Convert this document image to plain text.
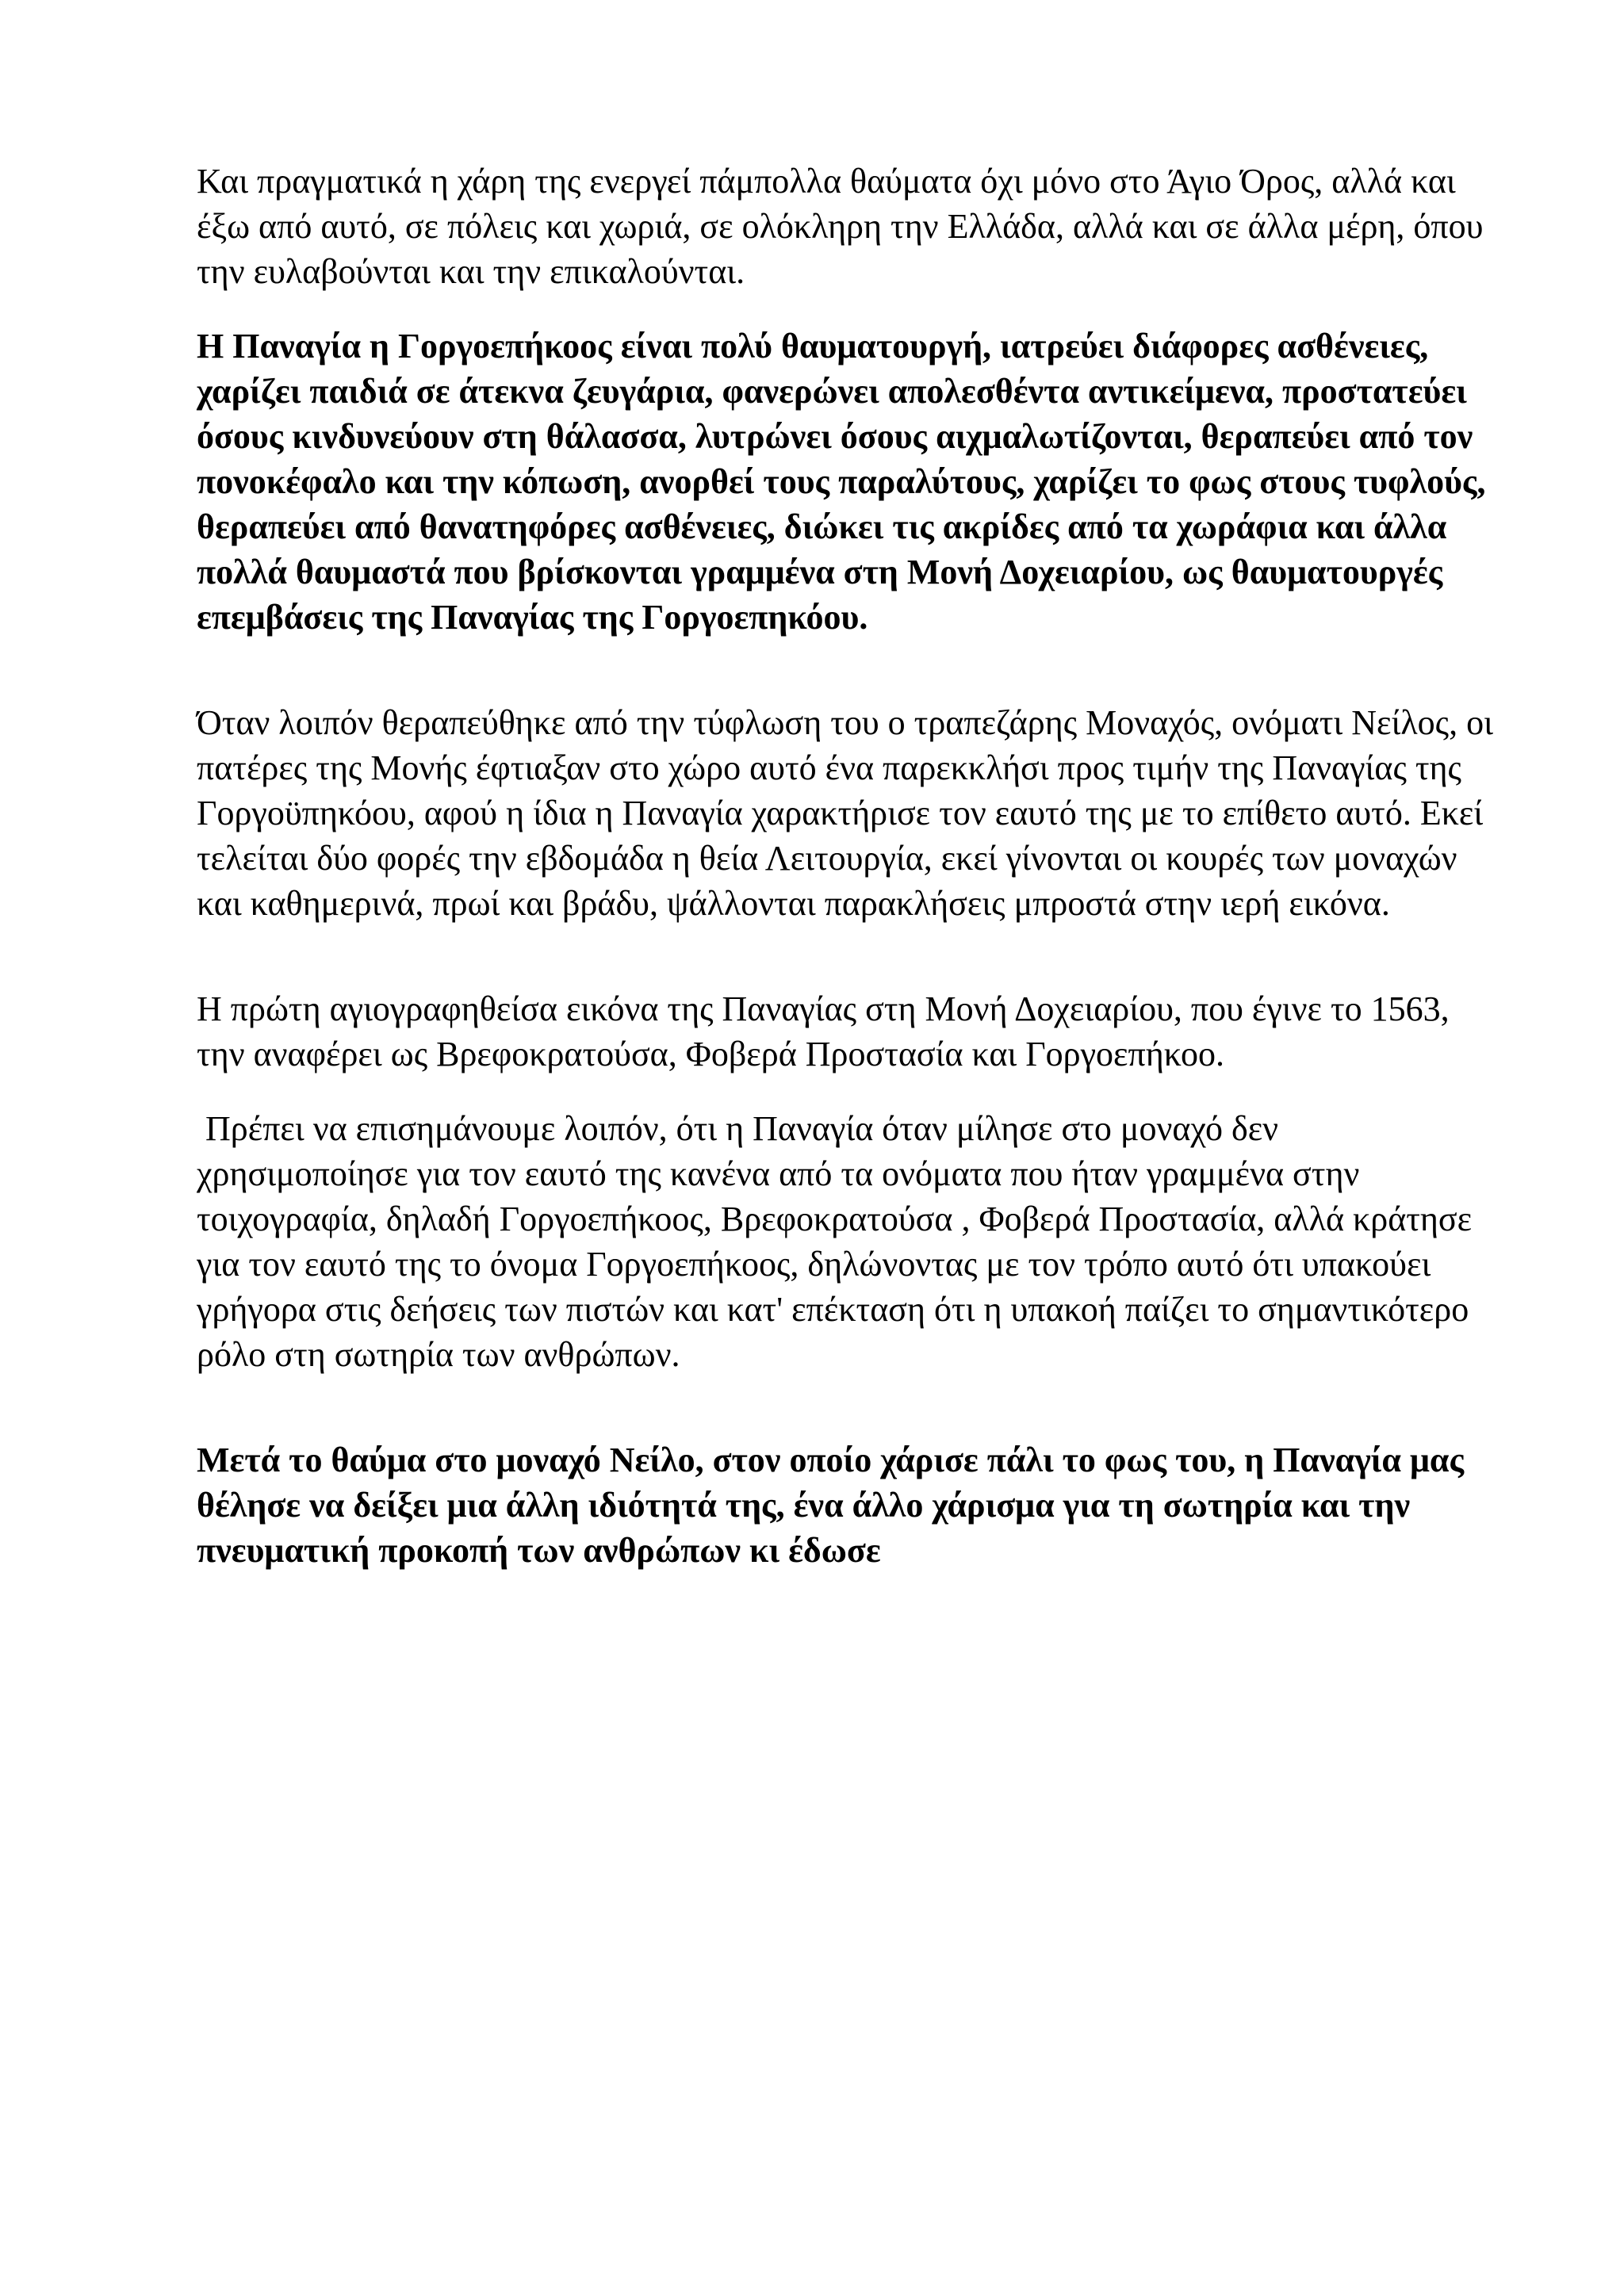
Και πραγματικά η χάρη της ενεργεί πάμπολλα θαύματα όχι μόνο στο Άγιο Όρος, αλλά και έξω από αυτό, σε πόλεις και χωριά, σε ολόκληρη την Ελλάδα, αλλά και σε άλλα μέρη, όπου την ευλαβούνται και την επικαλούνται.

Η Παναγία η Γοργοεπήκοος είναι πολύ θαυματουργή, ιατρεύει διάφορες ασθένειες, χαρίζει παιδιά σε άτεκνα ζευγάρια, φανερώνει απολεσθέντα αντικείμενα, προστατεύει όσους κινδυνεύουν στη θάλασσα, λυτρώνει όσους αιχμαλωτίζονται, θεραπεύει από τον πονοκέφαλο και την κόπωση, ανορθεί τους παραλύτους, χαρίζει το φως στους τυφλούς, θεραπεύει από θανατηφόρες ασθένειες, διώκει τις ακρίδες από τα χωράφια και άλλα πολλά θαυμαστά που βρίσκονται γραμμένα στη Μονή Δοχειαρίου, ως θαυματουργές επεμβάσεις της Παναγίας της Γοργοεπηκόου.

Όταν λοιπόν θεραπεύθηκε από την τύφλωση του ο τραπεζάρης Μοναχός, ονόματι Νείλος, οι πατέρες της Μονής έφτιαξαν στο χώρο αυτό ένα παρεκκλήσι προς τιμήν της Παναγίας της Γοργοϋπηκόου, αφού η ίδια η Παναγία χαρακτήρισε τον εαυτό της με το επίθετο αυτό. Εκεί τελείται δύο φορές την εβδομάδα η θεία Λειτουργία, εκεί γίνονται οι κουρές των μοναχών και καθημερινά, πρωί και βράδυ, ψάλλονται παρακλήσεις μπροστά στην ιερή εικόνα.

Η πρώτη αγιογραφηθείσα εικόνα της Παναγίας στη Μονή Δοχειαρίου, που έγινε το 1563, την αναφέρει ως Βρεφοκρατούσα, Φοβερά Προστασία και Γοργοεπήκοο.

Πρέπει να επισημάνουμε λοιπόν, ότι η Παναγία όταν μίλησε στο μοναχό δεν χρησιμοποίησε για τον εαυτό της κανένα από τα ονόματα που ήταν γραμμένα στην τοιχογραφία, δηλαδή Γοργοεπήκοος, Βρεφοκρατούσα , Φοβερά Προστασία, αλλά κράτησε για τον εαυτό της το όνομα Γοργοεπήκοος, δηλώνοντας με τον τρόπο αυτό ότι υπακούει γρήγορα στις δεήσεις των πιστών και κατ' επέκταση ότι η υπακοή παίζει το σημαντικότερο ρόλο στη σωτηρία των ανθρώπων.

Μετά το θαύμα στο μοναχό Νείλο, στον οποίο χάρισε πάλι το φως του, η Παναγία μας θέλησε να δείξει μια άλλη ιδιότητά της, ένα άλλο χάρισμα για τη σωτηρία και την πνευματική προκοπή των ανθρώπων κι έδωσε
